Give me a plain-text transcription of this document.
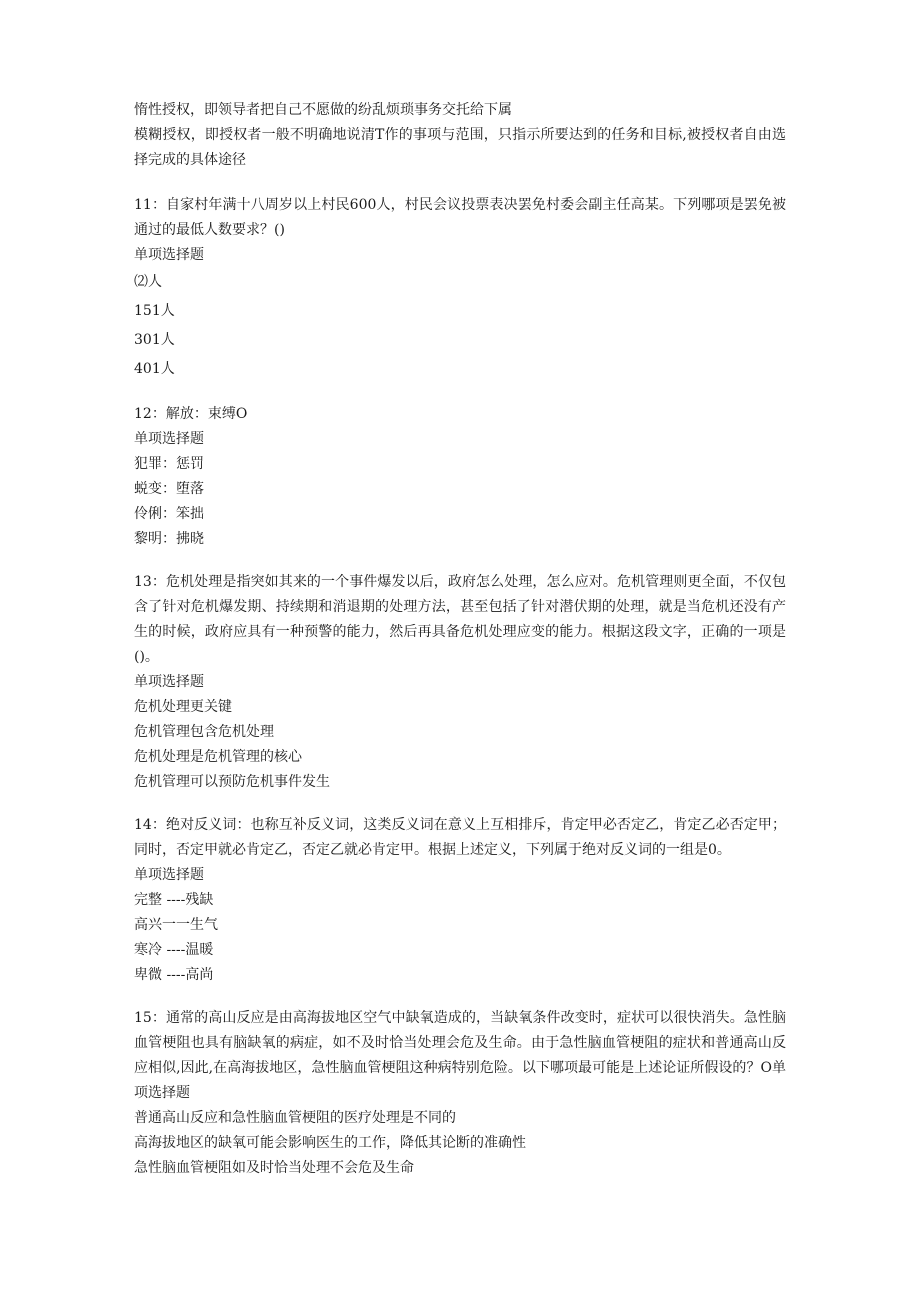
惰性授权，即领导者把自己不愿做的纷乱烦琐事务交托给下属
模糊授权，即授权者一般不明确地说清T作的事项与范围，只指示所要达到的任务和目标,被授权者自由选择完成的具体途径
11：自家村年满十八周岁以上村民600人，村民会议投票表决罢免村委会副主任高某。下列哪项是罢免被通过的最低人数要求？()
单项选择题
⑵人
151人
301人
401人
12：解放：束缚O
单项选择题
犯罪：惩罚
蜕变：堕落
伶俐：笨拙
黎明：拂晓
13：危机处理是指突如其来的一个事件爆发以后，政府怎么处理，怎么应对。危机管理则更全面，不仅包含了针对危机爆发期、持续期和消退期的处理方法，甚至包括了针对潜伏期的处理，就是当危机还没有产生的时候，政府应具有一种预警的能力，然后再具备危机处理应变的能力。根据这段文字，正确的一项是()。
单项选择题
危机处理更关键
危机管理包含危机处理
危机处理是危机管理的核心
危机管理可以预防危机事件发生
14：绝对反义词：也称互补反义词，这类反义词在意义上互相排斥，肯定甲必否定乙，肯定乙必否定甲；同时，否定甲就必肯定乙，否定乙就必肯定甲。根据上述定义，下列属于绝对反义词的一组是0。
单项选择题
完整 ----残缺
高兴一一生气
寒冷 ----温暖
卑微 ----高尚
15：通常的高山反应是由高海拔地区空气中缺氧造成的，当缺氧条件改变时，症状可以很快消失。急性脑血管梗阻也具有脑缺氧的病症，如不及时恰当处理会危及生命。由于急性脑血管梗阻的症状和普通高山反应相似,因此,在高海拔地区，急性脑血管梗阻这种病特别危险。以下哪项最可能是上述论证所假设的？O单项选择题
普通高山反应和急性脑血管梗阻的医疗处理是不同的
高海拔地区的缺氧可能会影响医生的工作，降低其论断的准确性
急性脑血管梗阻如及时恰当处理不会危及生命
